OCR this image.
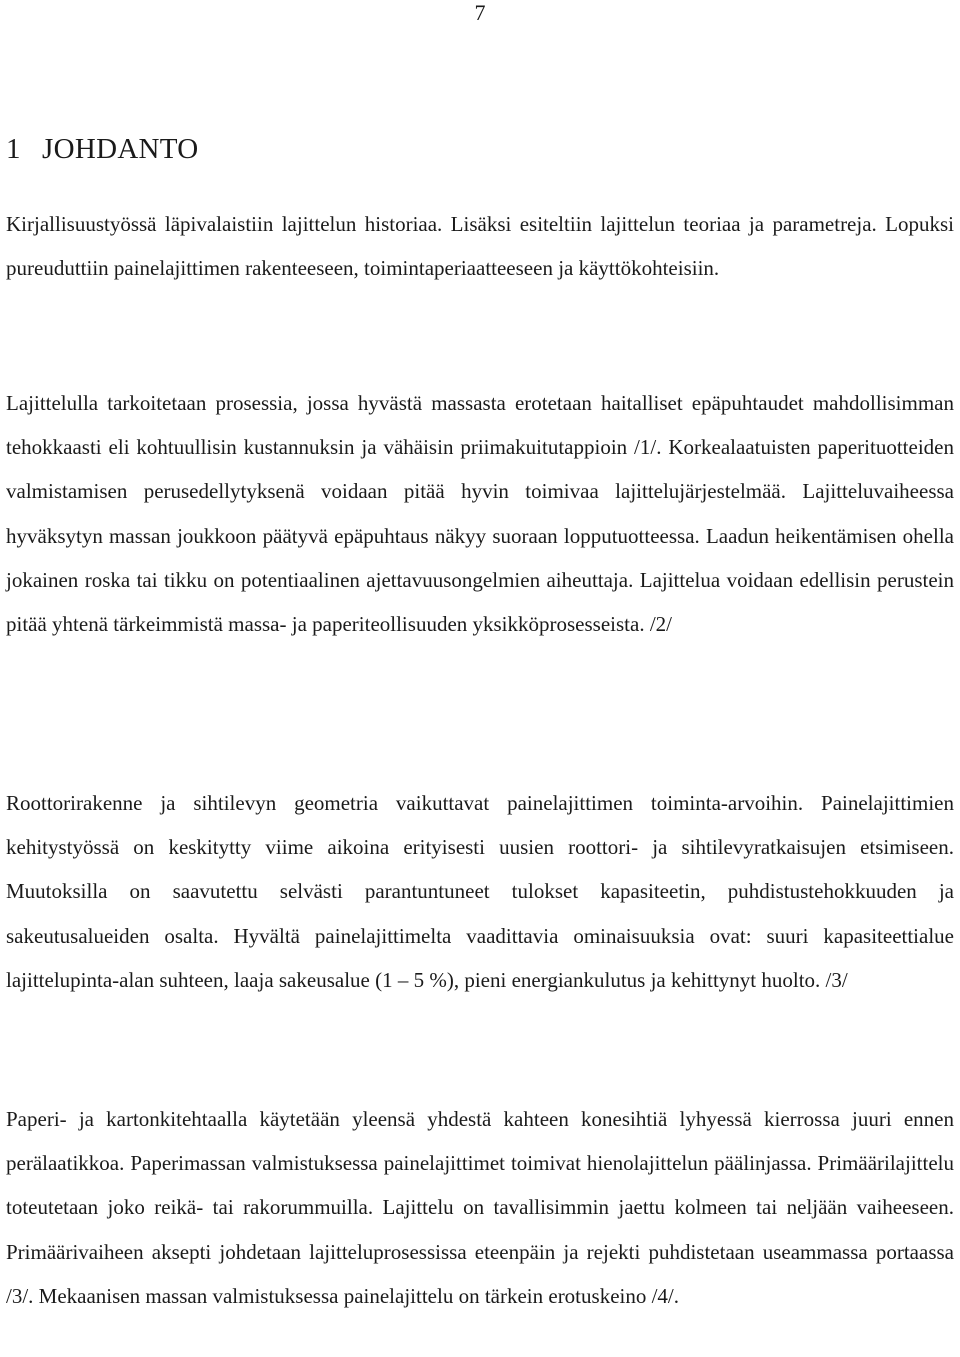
7
1 JOHDANTO

Kirjallisuustyössä läpivalaistiin lajittelun historiaa. Lisäksi esiteltiin lajittelun teoriaa ja parametreja. Lopuksi pureuduttiin painelajittimen rakenteeseen, toimintaperiaatteeseen ja käyttökohteisiin.

Lajittelulla tarkoitetaan prosessia, jossa hyvästä massasta erotetaan haitalliset epäpuhtaudet mahdollisimman tehokkaasti eli kohtuullisin kustannuksin ja vähäisin priimakuitutappioin /1/. Korkealaatuisten paperituotteiden valmistamisen perusedellytyksenä voidaan pitää hyvin toimivaa lajittelujärjestelmää. Lajitteluvaiheessa hyväksytyn massan joukkoon päätyvä epäpuhtaus näkyy suoraan lopputuotteessa. Laadun heikentämisen ohella jokainen roska tai tikku on potentiaalinen ajettavuusongelmien aiheuttaja. Lajittelua voidaan edellisin perustein pitää yhtenä tärkeimmistä massa- ja paperiteollisuuden yksikköprosesseista. /2/

Roottorirakenne ja sihtilevyn geometria vaikuttavat painelajittimen toiminta-arvoihin. Painelajittimien kehitystyössä on keskitytty viime aikoina erityisesti uusien roottori- ja sihtilevyratkaisujen etsimiseen. Muutoksilla on saavutettu selvästi parantuntuneet tulokset kapasiteetin, puhdistustehokkuuden ja sakeutusalueiden osalta. Hyvältä painelajittimelta vaadittavia ominaisuuksia ovat: suuri kapasiteettialue lajittelupinta-alan suhteen, laaja sakeusalue (1 – 5 %), pieni energiankulutus ja kehittynyt huolto. /3/

Paperi- ja kartonkitehtaalla käytetään yleensä yhdestä kahteen konesihtiä lyhyessä kierrossa juuri ennen perälaatikkoa. Paperimassan valmistuksessa painelajittimet toimivat hienolajittelun päälinjassa. Primäärilajittelu toteutetaan joko reikä- tai rakorummuilla. Lajittelu on tavallisimmin jaettu kolmeen tai neljään vaiheeseen. Primäärivaiheen aksepti johdetaan lajitteluprosessissa eteenpäin ja rejekti puhdistetaan useammassa portaassa /3/. Mekaanisen massan valmistuksessa painelajittelu on tärkein erotuskeino /4/.
